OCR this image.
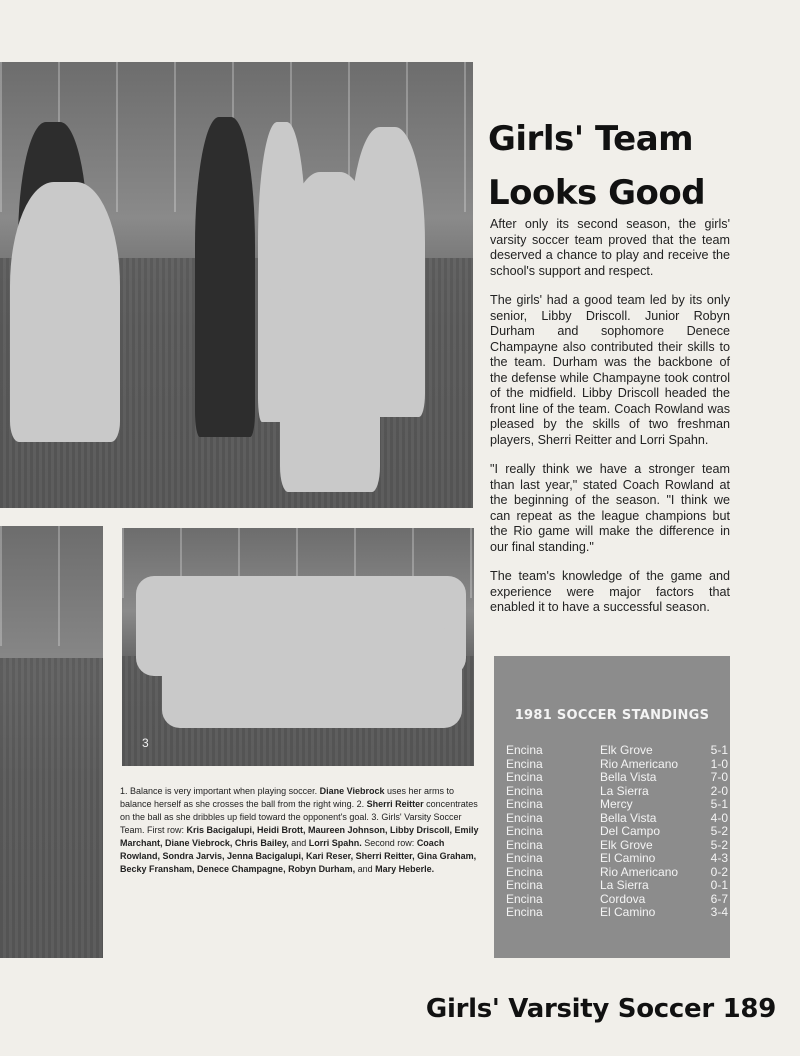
3
Girls' Team
Looks Good

After only its second season, the girls' varsity soccer team proved that the team deserved a chance to play and receive the school's support and respect.

The girls' had a good team led by its only senior, Libby Driscoll. Junior Robyn Durham and sophomore Denece Champayne also contributed their skills to the team. Durham was the backbone of the defense while Champayne took control of the midfield. Libby Driscoll headed the front line of the team. Coach Rowland was pleased by the skills of two freshman players, Sherri Reitter and Lorri Spahn.

"I really think we have a stronger team than last year," stated Coach Rowland at the beginning of the season. "I think we can repeat as the league champions but the Rio game will make the difference in our final standing."

The team's knowledge of the game and experience were major factors that enabled it to have a successful season.

1. Balance is very important when playing soccer. Diane Viebrock uses her arms to balance herself as she crosses the ball from the right wing. 2. Sherri Reitter concentrates on the ball as she dribbles up field toward the opponent's goal. 3. Girls' Varsity Soccer Team. First row: Kris Bacigalupi, Heidi Brott, Maureen Johnson, Libby Driscoll, Emily Marchant, Diane Viebrock, Chris Bailey, and Lorri Spahn. Second row: Coach Rowland, Sondra Jarvis, Jenna Bacigalupi, Kari Reser, Sherri Reitter, Gina Graham, Becky Fransham, Denece Champagne, Robyn Durham, and Mary Heberle.
1981 SOCCER STANDINGS
Encina	Elk Grove	5-1
Encina	Rio Americano	1-0
Encina	Bella Vista	7-0
Encina	La Sierra	2-0
Encina	Mercy	5-1
Encina	Bella Vista	4-0
Encina	Del Campo	5-2
Encina	Elk Grove	5-2
Encina	El Camino	4-3
Encina	Rio Americano	0-2
Encina	La Sierra	0-1
Encina	Cordova	6-7
Encina	El Camino	3-4
Girls' Varsity Soccer 189
